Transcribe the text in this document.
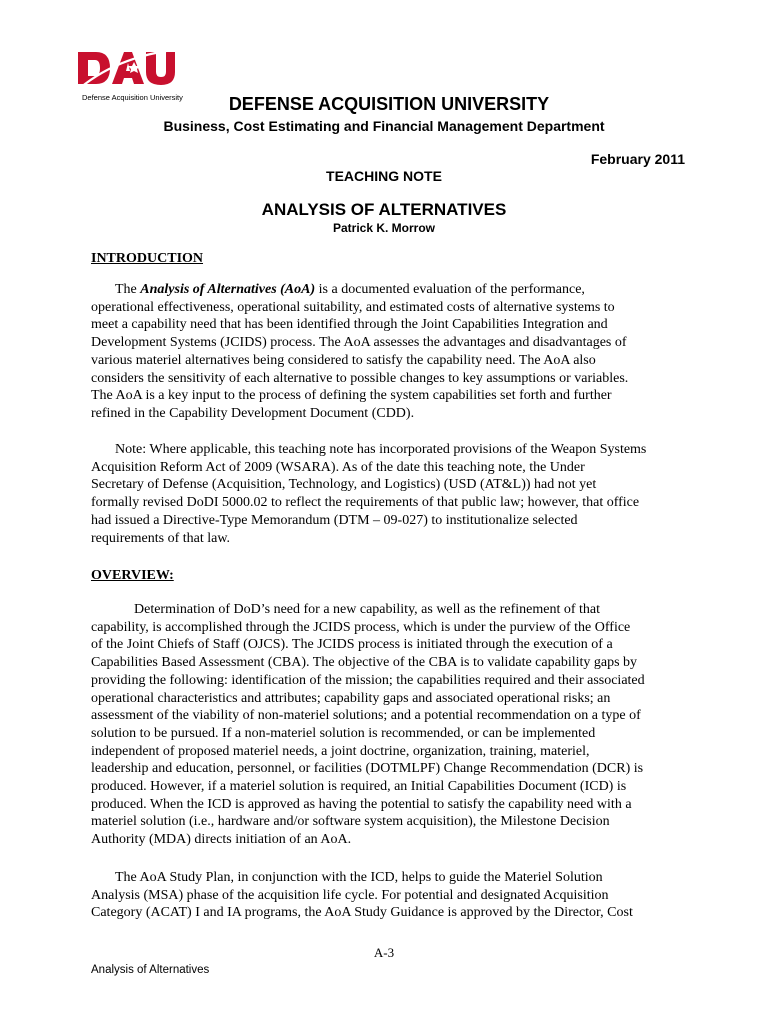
Defense Acquisition University	DEFENSE ACQUISITION UNIVERSITY
Business, Cost Estimating and Financial Management Department
February 2011
TEACHING NOTE
ANALYSIS OF ALTERNATIVES
Patrick K. Morrow
INTRODUCTION
The Analysis of Alternatives (AoA) is a documented evaluation of the performance,
operational effectiveness, operational suitability, and estimated costs of alternative systems to
meet a capability need that has been identified through the Joint Capabilities Integration and
Development Systems (JCIDS) process. The AoA assesses the advantages and disadvantages of
various materiel alternatives being considered to satisfy the capability need. The AoA also
considers the sensitivity of each alternative to possible changes to key assumptions or variables.
The AoA is a key input to the process of defining the system capabilities set forth and further
refined in the Capability Development Document (CDD).
Note: Where applicable, this teaching note has incorporated provisions of the Weapon Systems
Acquisition Reform Act of 2009 (WSARA). As of the date this teaching note, the Under
Secretary of Defense (Acquisition, Technology, and Logistics) (USD (AT&L)) had not yet
formally revised DoDI 5000.02 to reflect the requirements of that public law; however, that office
had issued a Directive-Type Memorandum (DTM – 09-027) to institutionalize selected
requirements of that law.
OVERVIEW:
Determination of DoD’s need for a new capability, as well as the refinement of that
capability, is accomplished through the JCIDS process, which is under the purview of the Office
of the Joint Chiefs of Staff (OJCS). The JCIDS process is initiated through the execution of a
Capabilities Based Assessment (CBA). The objective of the CBA is to validate capability gaps by
providing the following: identification of the mission; the capabilities required and their associated
operational characteristics and attributes; capability gaps and associated operational risks; an
assessment of the viability of non-materiel solutions; and a potential recommendation on a type of
solution to be pursued. If a non-materiel solution is recommended, or can be implemented
independent of proposed materiel needs, a joint doctrine, organization, training, materiel,
leadership and education, personnel, or facilities (DOTMLPF) Change Recommendation (DCR) is
produced. However, if a materiel solution is required, an Initial Capabilities Document (ICD) is
produced. When the ICD is approved as having the potential to satisfy the capability need with a
materiel solution (i.e., hardware and/or software system acquisition), the Milestone Decision
Authority (MDA) directs initiation of an AoA.
The AoA Study Plan, in conjunction with the ICD, helps to guide the Materiel Solution
Analysis (MSA) phase of the acquisition life cycle. For potential and designated Acquisition
Category (ACAT) I and IA programs, the AoA Study Guidance is approved by the Director, Cost
A-3
Analysis of Alternatives
